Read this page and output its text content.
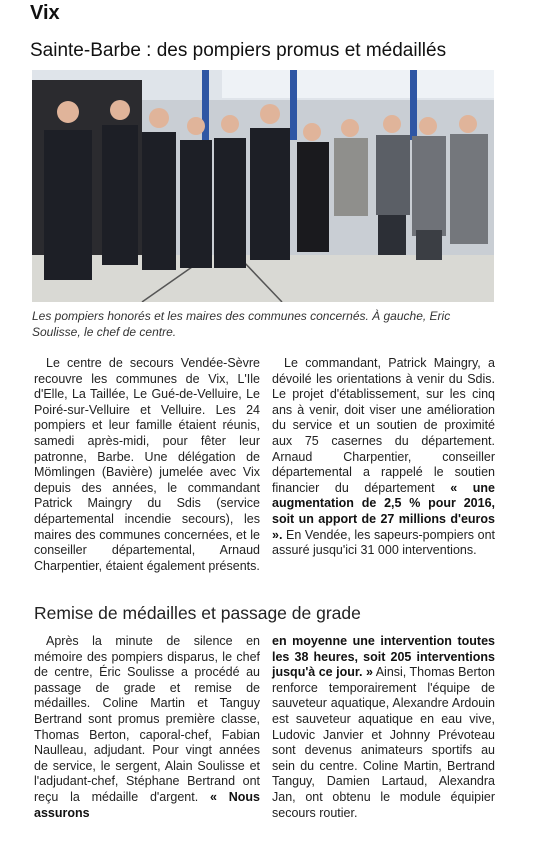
Vix
Sainte-Barbe : des pompiers promus et médaillés
Les pompiers honorés et les maires des communes concernés. À gauche, Eric Soulisse, le chef de centre.

Le centre de secours Vendée-Sèvre recouvre les communes de Vix, L'Ile d'Elle, La Taillée, Le Gué-de-Velluire, Le Poiré-sur-Velluire et Velluire. Les 24 pompiers et leur famille étaient réunis, samedi après-midi, pour fêter leur patronne, Barbe. Une délégation de Mömlingen (Bavière) jumelée avec Vix depuis des années, le commandant Patrick Maingry du Sdis (service départemental incendie secours), les maires des communes concernées, et le conseiller départemental, Arnaud Charpentier, étaient également présents.

Le commandant, Patrick Maingry, a dévoilé les orientations à venir du Sdis. Le projet d'établissement, sur les cinq ans à venir, doit viser une amélioration du service et un soutien de proximité aux 75 casernes du département. Arnaud Charpentier, conseiller départemental a rappelé le soutien financier du département « une augmentation de 2,5 % pour 2016, soit un apport de 27 millions d'euros ». En Vendée, les sapeurs-pompiers ont assuré jusqu'ici 31 000 interventions.

Remise de médailles et passage de grade

Après la minute de silence en mémoire des pompiers disparus, le chef de centre, Éric Soulisse a procédé au passage de grade et remise de médailles. Coline Martin et Tanguy Bertrand sont promus première classe, Thomas Berton, caporal-chef, Fabian Naulleau, adjudant. Pour vingt années de service, le sergent, Alain Soulisse et l'adjudant-chef, Stéphane Bertrand ont reçu la médaille d'argent. « Nous assurons

en moyenne une intervention toutes les 38 heures, soit 205 interventions jusqu'à ce jour. » Ainsi, Thomas Berton renforce temporairement l'équipe de sauveteur aquatique, Alexandre Ardouin est sauveteur aquatique en eau vive, Ludovic Janvier et Johnny Prévoteau sont devenus animateurs sportifs au sein du centre. Coline Martin, Bertrand Tanguy, Damien Lartaud, Alexandra Jan, ont obtenu le module équipier secours routier.
